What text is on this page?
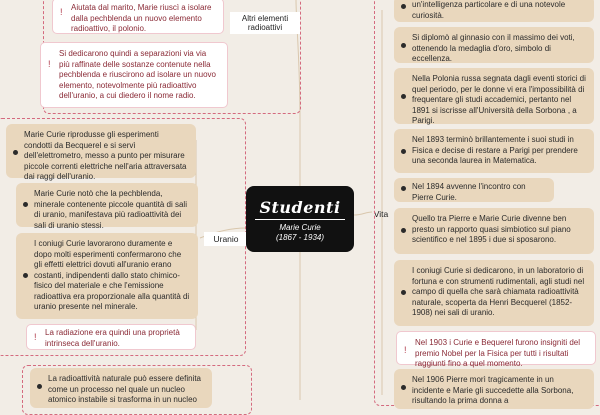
! Aiutata dal marito, Marie riuscì a isolare dalla pechblenda un nuovo elemento radioattivo, il polonio.
Altri elementi radioattivi
!
Si dedicarono quindi a separazioni via via più raffinate delle sostanze contenute nella pechblenda e riuscirono ad isolare un nuovo elemento, notevolmente più radioattivo dell'uranio, a cui diedero il nome radio.
Marie Curie riprodusse gli esperimenti condotti da Becquerel e si servì dell'elettrometro, messo a punto per misurare piccole correnti elettriche nell'aria attraversata dai raggi dell'uranio.
Marie Curie notò che la pechblenda, minerale contenente piccole quantità di sali di uranio, manifestava più radioattività dei sali di uranio stessi.
Uranio
I coniugi Curie lavorarono duramente e dopo molti esperimenti confermarono che gli effetti elettrici dovuti all'uranio erano costanti, indipendenti dallo stato chimico-fisico del materiale e che l'emissione radioattiva era proporzionale alla quantità di uranio presente nel minerale.
! La radiazione era quindi una proprietà intrinseca dell'uranio.
La radioattività naturale può essere definita come un processo nel quale un nucleo atomico instabile si trasforma in un nucleo
Studenti
Marie Curie
(1867 - 1934)
Vita
un'intelligenza particolare e di una notevole curiosità.
Si diplomò al ginnasio con il massimo dei voti, ottenendo la medaglia d'oro, simbolo di eccellenza.
Nella Polonia russa segnata dagli eventi storici di quel periodo, per le donne vi era l'impossibilità di frequentare gli studi accademici, pertanto nel 1891 si iscrisse all'Università della Sorbona , a Parigi.
Nel 1893 terminò brillantemente i suoi studi in Fisica e decise di restare a Parigi per prendere una seconda laurea in Matematica.
Nel 1894 avvenne l'incontro con Pierre Curie.
Quello tra Pierre e Marie Curie divenne ben presto un rapporto quasi simbiotico sul piano scientifico e nel 1895 i due si sposarono.
I coniugi Curie si dedicarono, in un laboratorio di fortuna e con strumenti rudimentali, agli studi nel campo di quella che sarà chiamata radioattività naturale, scoperta da Henri Becquerel (1852-1908) nei sali di uranio.
!
Nel 1903 i Curie e Bequerel furono insigniti del premio Nobel per la Fisica per tutti i risultati raggiunti fino a quel momento.
Nel 1906 Pierre morì tragicamente in un incidente e Marie gli succedette alla Sorbona, risultando la prima donna a
